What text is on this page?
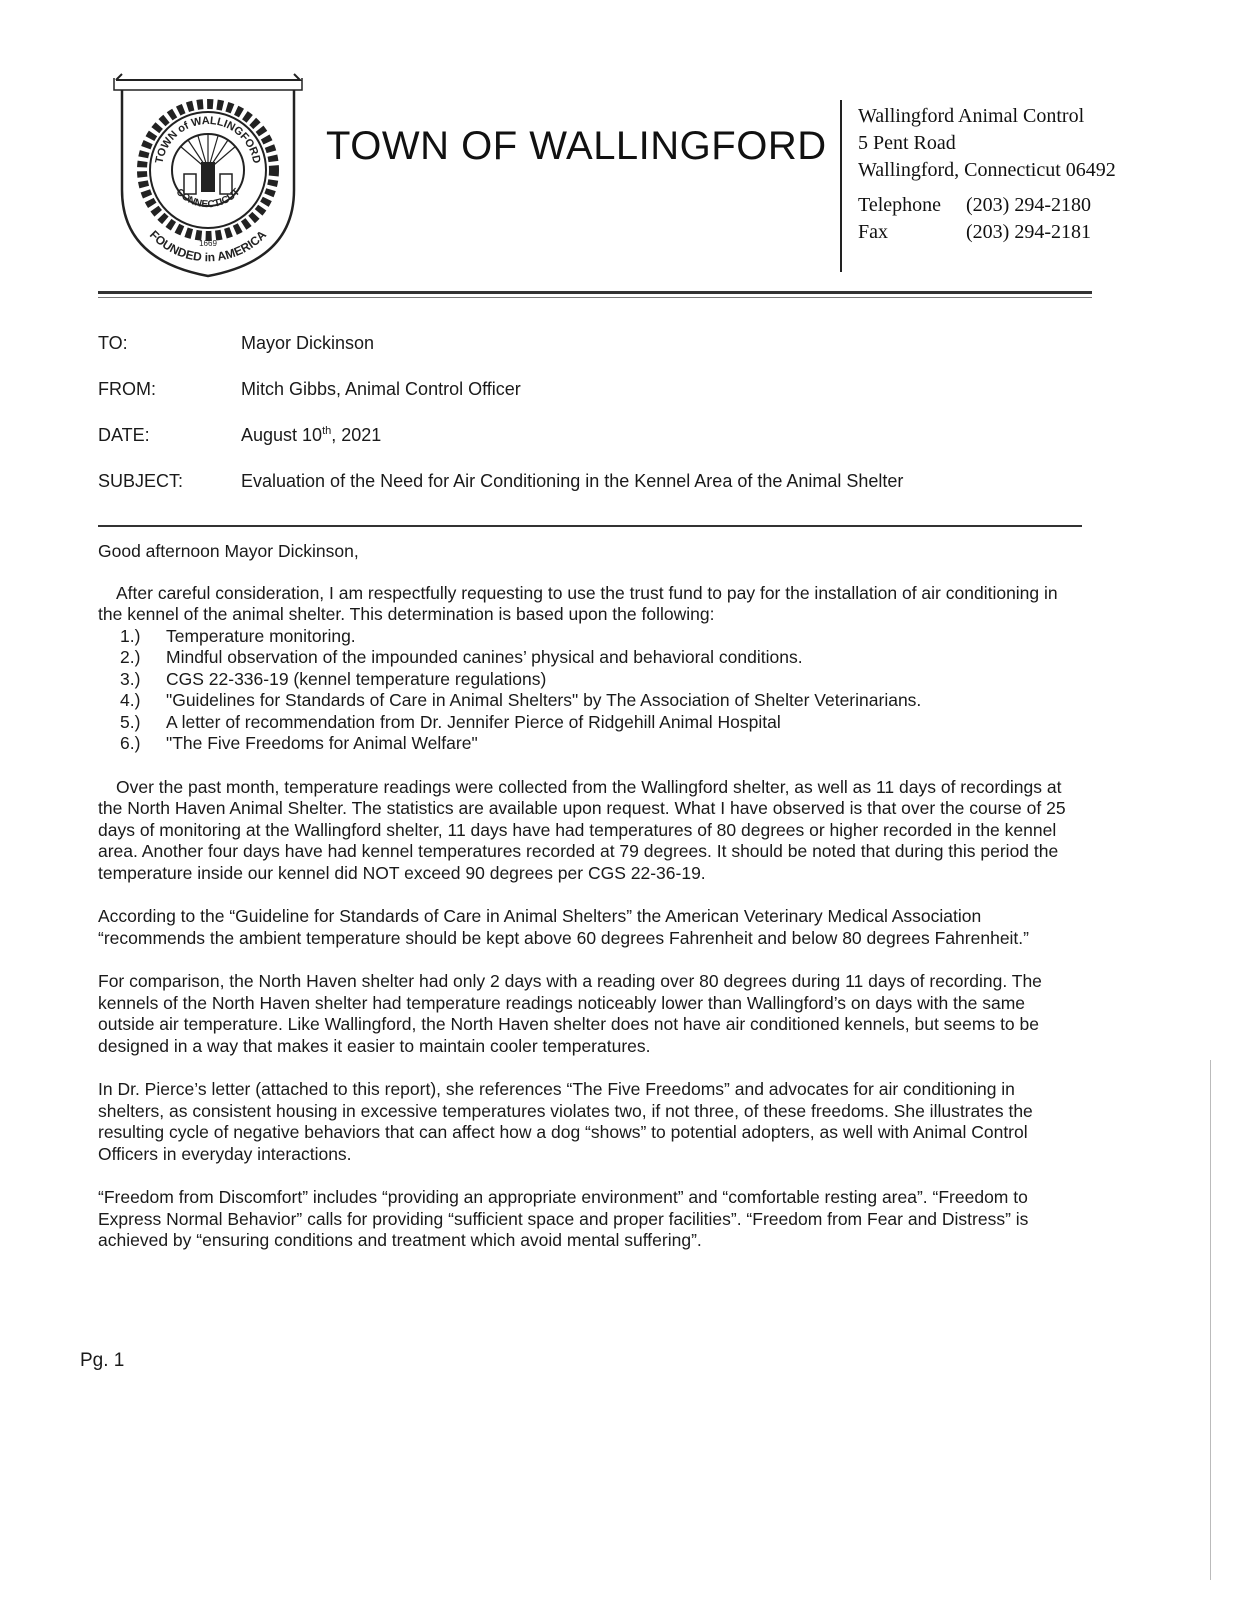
TOWN of WALLINGFORD
CONNECTICUT
FOUNDED in AMERICA
1669
TOWN OF WALLINGFORD
Wallingford Animal Control
5 Pent Road
Wallingford, Connecticut 06492
Telephone (203) 294-2180
Fax	(203) 294-2181
TO:	Mayor Dickinson
FROM:	Mitch Gibbs, Animal Control Officer
DATE:	August 10th, 2021
SUBJECT:	Evaluation of the Need for Air Conditioning in the Kennel Area of the Animal Shelter

Good afternoon Mayor Dickinson,

After careful consideration, I am respectfully requesting to use the trust fund to pay for the installation of air conditioning in the kennel of the animal shelter. This determination is based upon the following:

1.) Temperature monitoring.
2.) Mindful observation of the impounded canines’ physical and behavioral conditions.
3.) CGS 22-336-19 (kennel temperature regulations)
4.) "Guidelines for Standards of Care in Animal Shelters" by The Association of Shelter Veterinarians.
5.) A letter of recommendation from Dr. Jennifer Pierce of Ridgehill Animal Hospital
6.) "The Five Freedoms for Animal Welfare"

Over the past month, temperature readings were collected from the Wallingford shelter, as well as 11 days of recordings at the North Haven Animal Shelter. The statistics are available upon request. What I have observed is that over the course of 25 days of monitoring at the Wallingford shelter, 11 days have had temperatures of 80 degrees or higher recorded in the kennel area. Another four days have had kennel temperatures recorded at 79 degrees. It should be noted that during this period the temperature inside our kennel did NOT exceed 90 degrees per CGS 22-36-19.

According to the “Guideline for Standards of Care in Animal Shelters” the American Veterinary Medical Association “recommends the ambient temperature should be kept above 60 degrees Fahrenheit and below 80 degrees Fahrenheit.”

For comparison, the North Haven shelter had only 2 days with a reading over 80 degrees during 11 days of recording. The kennels of the North Haven shelter had temperature readings noticeably lower than Wallingford’s on days with the same outside air temperature. Like Wallingford, the North Haven shelter does not have air conditioned kennels, but seems to be designed in a way that makes it easier to maintain cooler temperatures.

In Dr. Pierce’s letter (attached to this report), she references “The Five Freedoms” and advocates for air conditioning in shelters, as consistent housing in excessive temperatures violates two, if not three, of these freedoms. She illustrates the resulting cycle of negative behaviors that can affect how a dog “shows” to potential adopters, as well with Animal Control Officers in everyday interactions.

“Freedom from Discomfort” includes “providing an appropriate environment” and “comfortable resting area”. “Freedom to Express Normal Behavior” calls for providing “sufficient space and proper facilities”. “Freedom from Fear and Distress” is achieved by “ensuring conditions and treatment which avoid mental suffering”.

Pg. 1
